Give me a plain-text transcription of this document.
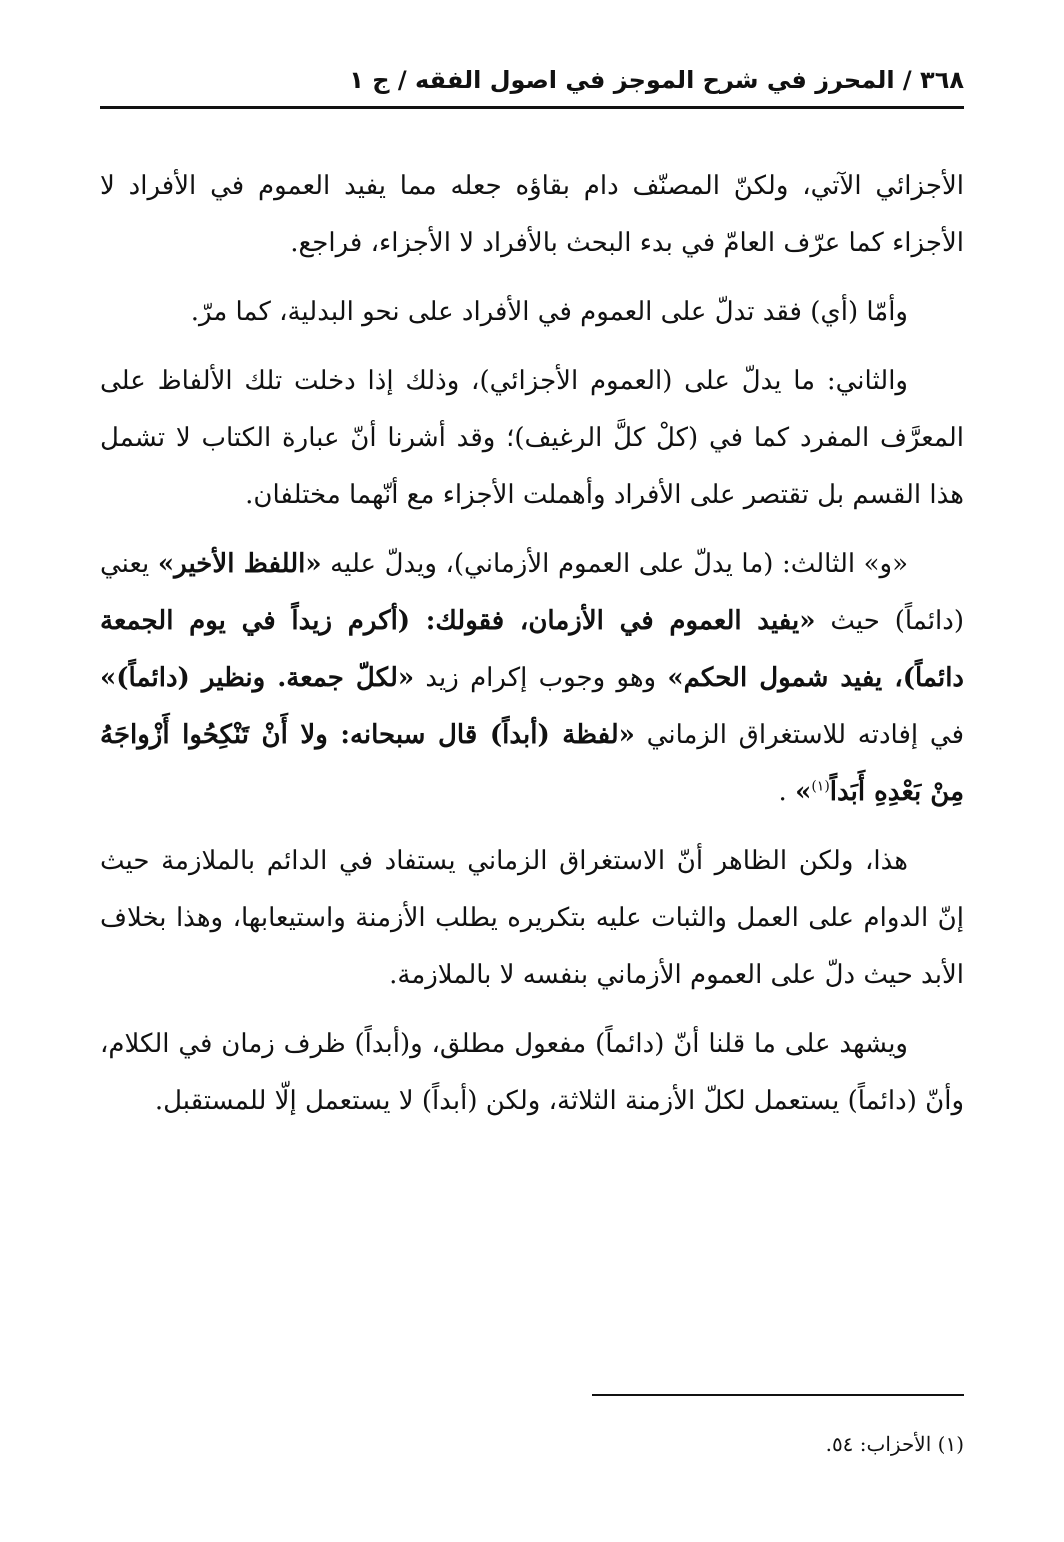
٣٦٨ / المحرز في شرح الموجز في اصول الفقه / ج ١

الأجزائي الآتي، ولكنّ المصنّف دام بقاؤه جعله مما يفيد العموم في الأفراد لا الأجزاء كما عرّف العامّ في بدء البحث بالأفراد لا الأجزاء، فراجع.

وأمّا (أي) فقد تدلّ على العموم في الأفراد على نحو البدلية، كما مرّ.

والثاني: ما يدلّ على (العموم الأجزائي)، وذلك إذا دخلت تلك الألفاظ على المعرَّف المفرد كما في (كلْ كلَّ الرغيف)؛ وقد أشرنا أنّ عبارة الكتاب لا تشمل هذا القسم بل تقتصر على الأفراد وأهملت الأجزاء مع أنّهما مختلفان.

«و» الثالث: (ما يدلّ على العموم الأزماني)، ويدلّ عليه «اللفظ الأخير» يعني (دائماً) حيث «يفيد العموم في الأزمان، فقولك: (أكرم زيداً في يوم الجمعة دائماً)، يفيد شمول الحكم» وهو وجوب إكرام زيد «لكلّ جمعة. ونظير (دائماً)» في إفادته للاستغراق الزماني «لفظة (أبداً) قال سبحانه: ولا أَنْ تَنْكِحُوا أَزْواجَهُ مِنْ بَعْدِهِ أَبَداً$^{(١)}$» .

هذا، ولكن الظاهر أنّ الاستغراق الزماني يستفاد في الدائم بالملازمة حيث إنّ الدوام على العمل والثبات عليه بتكريره يطلب الأزمنة واستيعابها، وهذا بخلاف الأبد حيث دلّ على العموم الأزماني بنفسه لا بالملازمة.

ويشهد على ما قلنا أنّ (دائماً) مفعول مطلق، و(أبداً) ظرف زمان في الكلام، وأنّ (دائماً) يستعمل لكلّ الأزمنة الثلاثة، ولكن (أبداً) لا يستعمل إلّا للمستقبل.

(١) الأحزاب: ٥٤.
